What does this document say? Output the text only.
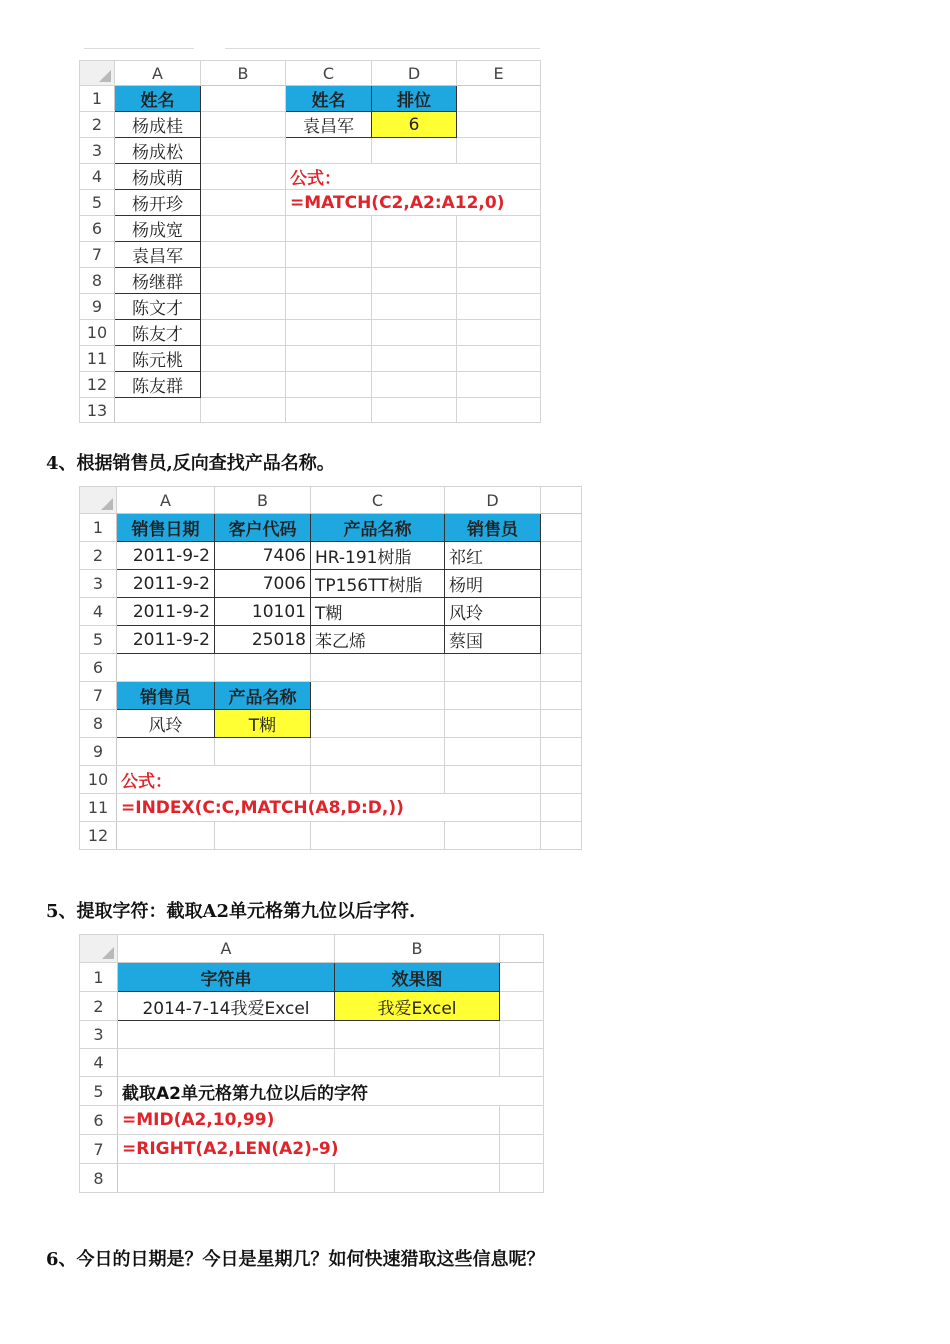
	A	B	C	D	E
1	姓名		姓名	排位	
2	杨成桂		袁昌军	6	
3	杨成松				
4	杨成萌		公式：		
5	杨开珍		=MATCH(C2,A2:A12,0)		
6	杨成宽				
7	袁昌军				
8	杨继群				
9	陈文才				
10	陈友才				
11	陈元桃				
12	陈友群				
13					
4、根据销售员,反向查找产品名称。
	A	B	C	D	
1	销售日期	客户代码	产品名称	销售员	
2	2011-9-2	7406	HR-191树脂	祁红	
3	2011-9-2	7006	TP156TT树脂	杨明	
4	2011-9-2	10101	T糊	风玲	
5	2011-9-2	25018	苯乙烯	蔡国	
6					
7	销售员	产品名称			
8	风玲	T糊			
9					
10	公式：				
11	=INDEX(C:C,MATCH(A8,D:D,))				
12					
5、提取字符：截取A2单元格第九位以后字符.
	A	B	
1	字符串	效果图	
2	2014-7-14我爱Excel	我爱Excel	
3			
4			
5	截取A2单元格第九位以后的字符		
6	=MID(A2,10,99)		
7	=RIGHT(A2,LEN(A2)-9)		
8			
6、今日的日期是？今日是星期几？如何快速猎取这些信息呢？
